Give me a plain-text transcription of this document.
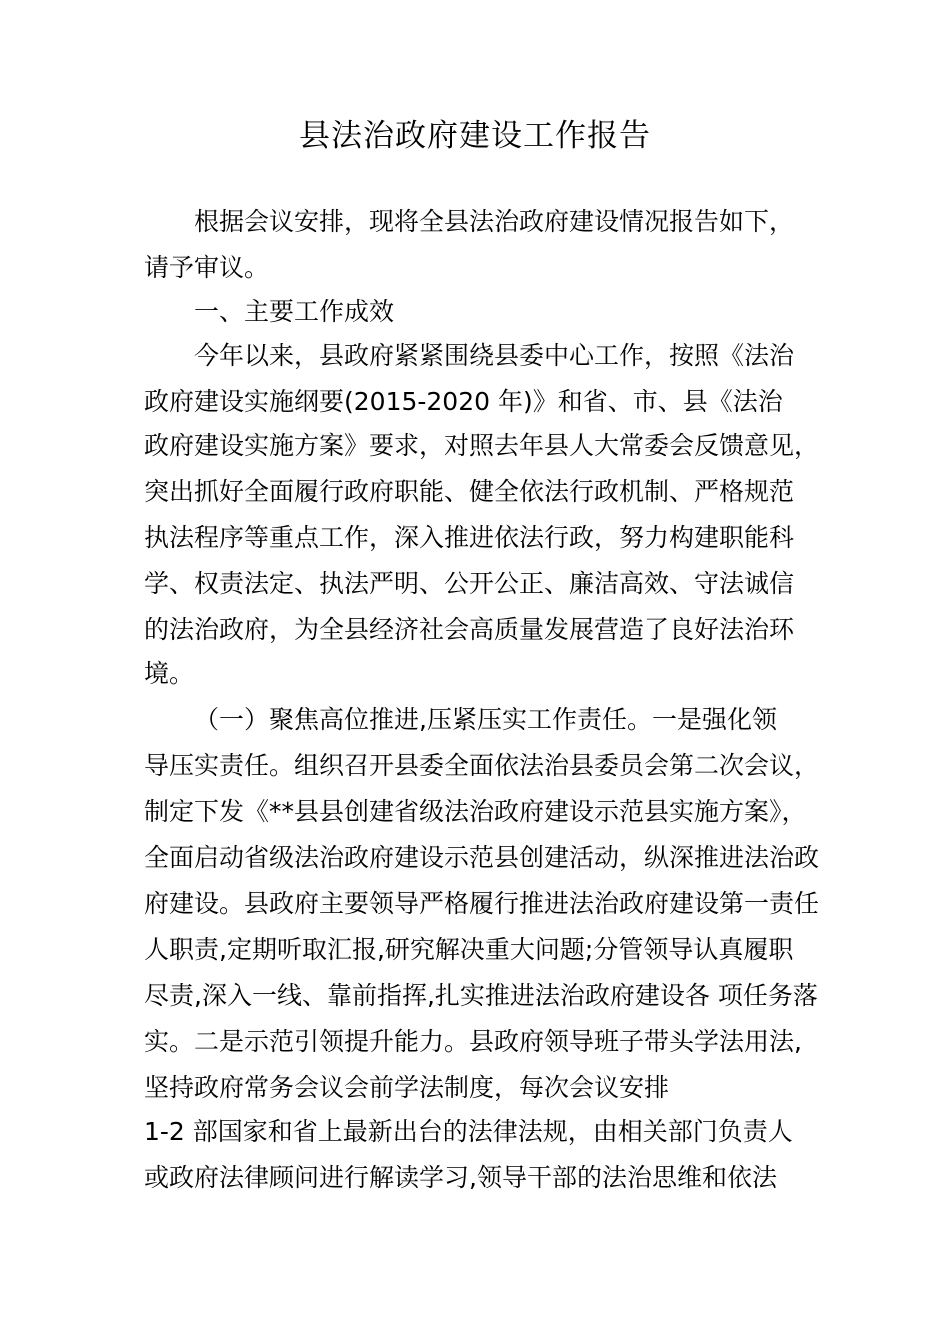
县法治政府建设工作报告
根据会议安排，现将全县法治政府建设情况报告如下，
请予审议。
一、主要工作成效
今年以来，县政府紧紧围绕县委中心工作，按照《法治
政府建设实施纲要(2015-2020 年)》和省、市、县《法治
政府建设实施方案》要求，对照去年县人大常委会反馈意见，
突出抓好全面履行政府职能、健全依法行政机制、严格规范
执法程序等重点工作，深入推进依法行政，努力构建职能科
学、权责法定、执法严明、公开公正、廉洁高效、守法诚信
的法治政府，为全县经济社会高质量发展营造了良好法治环
境。
（一）聚焦高位推进,压紧压实工作责任。一是强化领
导压实责任。组织召开县委全面依法治县委员会第二次会议，
制定下发《**县县创建省级法治政府建设示范县实施方案》，
全面启动省级法治政府建设示范县创建活动，纵深推进法治政
府建设。县政府主要领导严格履行推进法治政府建设第一责任
人职责,定期听取汇报,研究解决重大问题;分管领导认真履职
尽责,深入一线、靠前指挥,扎实推进法治政府建设各 项任务落
实。二是示范引领提升能力。县政府领导班子带头学法用法,
坚持政府常务会议会前学法制度，每次会议安排
1-2 部国家和省上最新出台的法律法规，由相关部门负责人
或政府法律顾问进行解读学习,领导干部的法治思维和依法
